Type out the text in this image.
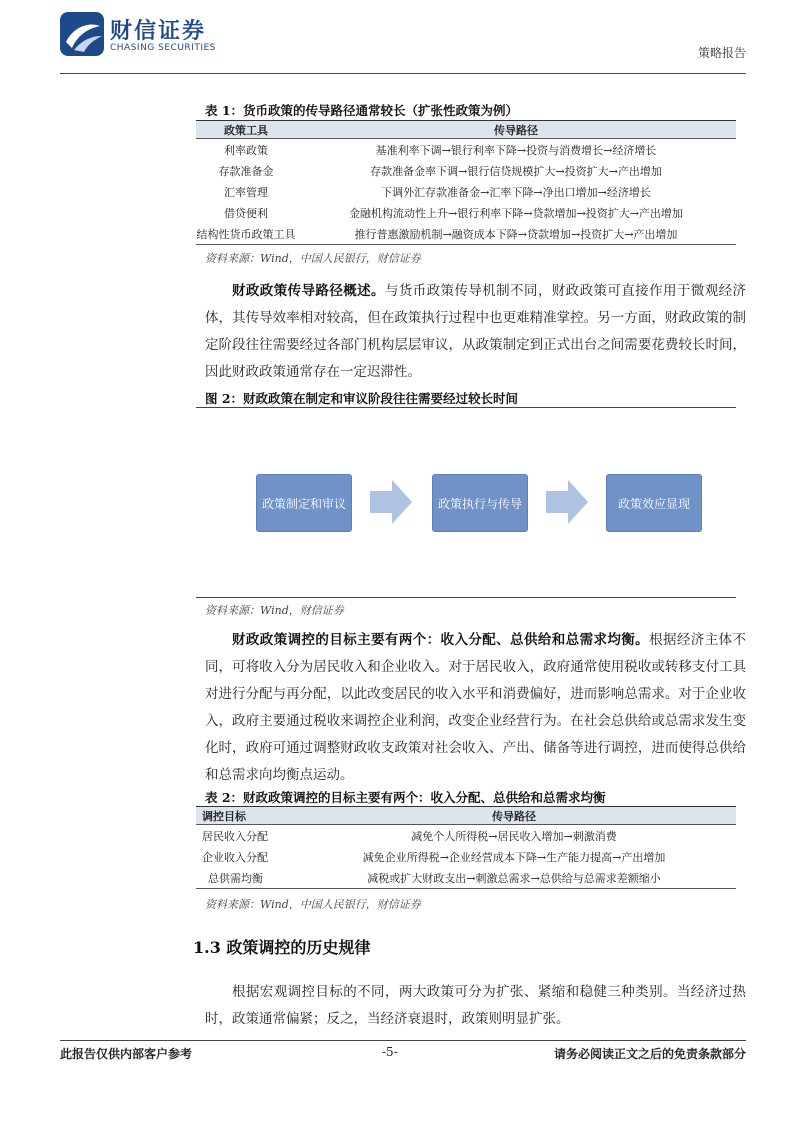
财信证券
CHASING SECURITIES	策略报告
表 1：货币政策的传导路径通常较长（扩张性政策为例）
政策工具	传导路径
利率政策	基准利率下调→银行利率下降→投资与消费增长→经济增长
存款准备金	存款准备金率下调→银行信贷规模扩大→投资扩大→产出增加
汇率管理	下调外汇存款准备金→汇率下降→净出口增加→经济增长
借贷便利	金融机构流动性上升→银行利率下降→贷款增加→投资扩大→产出增加
结构性货币政策工具	推行普惠激励机制→融资成本下降→贷款增加→投资扩大→产出增加
资料来源：Wind，中国人民银行，财信证券
财政政策传导路径概述。与货币政策传导机制不同，财政政策可直接作用于微观经济体，其传导效率相对较高，但在政策执行过程中也更难精准掌控。另一方面，财政政策的制定阶段往往需要经过各部门机构层层审议，从政策制定到正式出台之间需要花费较长时间，因此财政政策通常存在一定迟滞性。
图 2：财政政策在制定和审议阶段往往需要经过较长时间
政策制定和审议	政策执行与传导	政策效应显现
资料来源：Wind，财信证券
财政政策调控的目标主要有两个：收入分配、总供给和总需求均衡。根据经济主体不同，可将收入分为居民收入和企业收入。对于居民收入，政府通常使用税收或转移支付工具对进行分配与再分配，以此改变居民的收入水平和消费偏好，进而影响总需求。对于企业收入，政府主要通过税收来调控企业利润，改变企业经营行为。在社会总供给或总需求发生变化时，政府可通过调整财政收支政策对社会收入、产出、储备等进行调控，进而使得总供给和总需求向均衡点运动。
表 2：财政政策调控的目标主要有两个：收入分配、总供给和总需求均衡
调控目标	传导路径
居民收入分配	减免个人所得税→居民收入增加→刺激消费
企业收入分配	减免企业所得税→企业经营成本下降→生产能力提高→产出增加
总供需均衡	减税或扩大财政支出→刺激总需求→总供给与总需求差额缩小
资料来源：Wind，中国人民银行，财信证券
1.3 政策调控的历史规律
根据宏观调控目标的不同，两大政策可分为扩张、紧缩和稳健三种类别。当经济过热时，政策通常偏紧；反之，当经济衰退时，政策则明显扩张。
此报告仅供内部客户参考	-5-	请务必阅读正文之后的免责条款部分
